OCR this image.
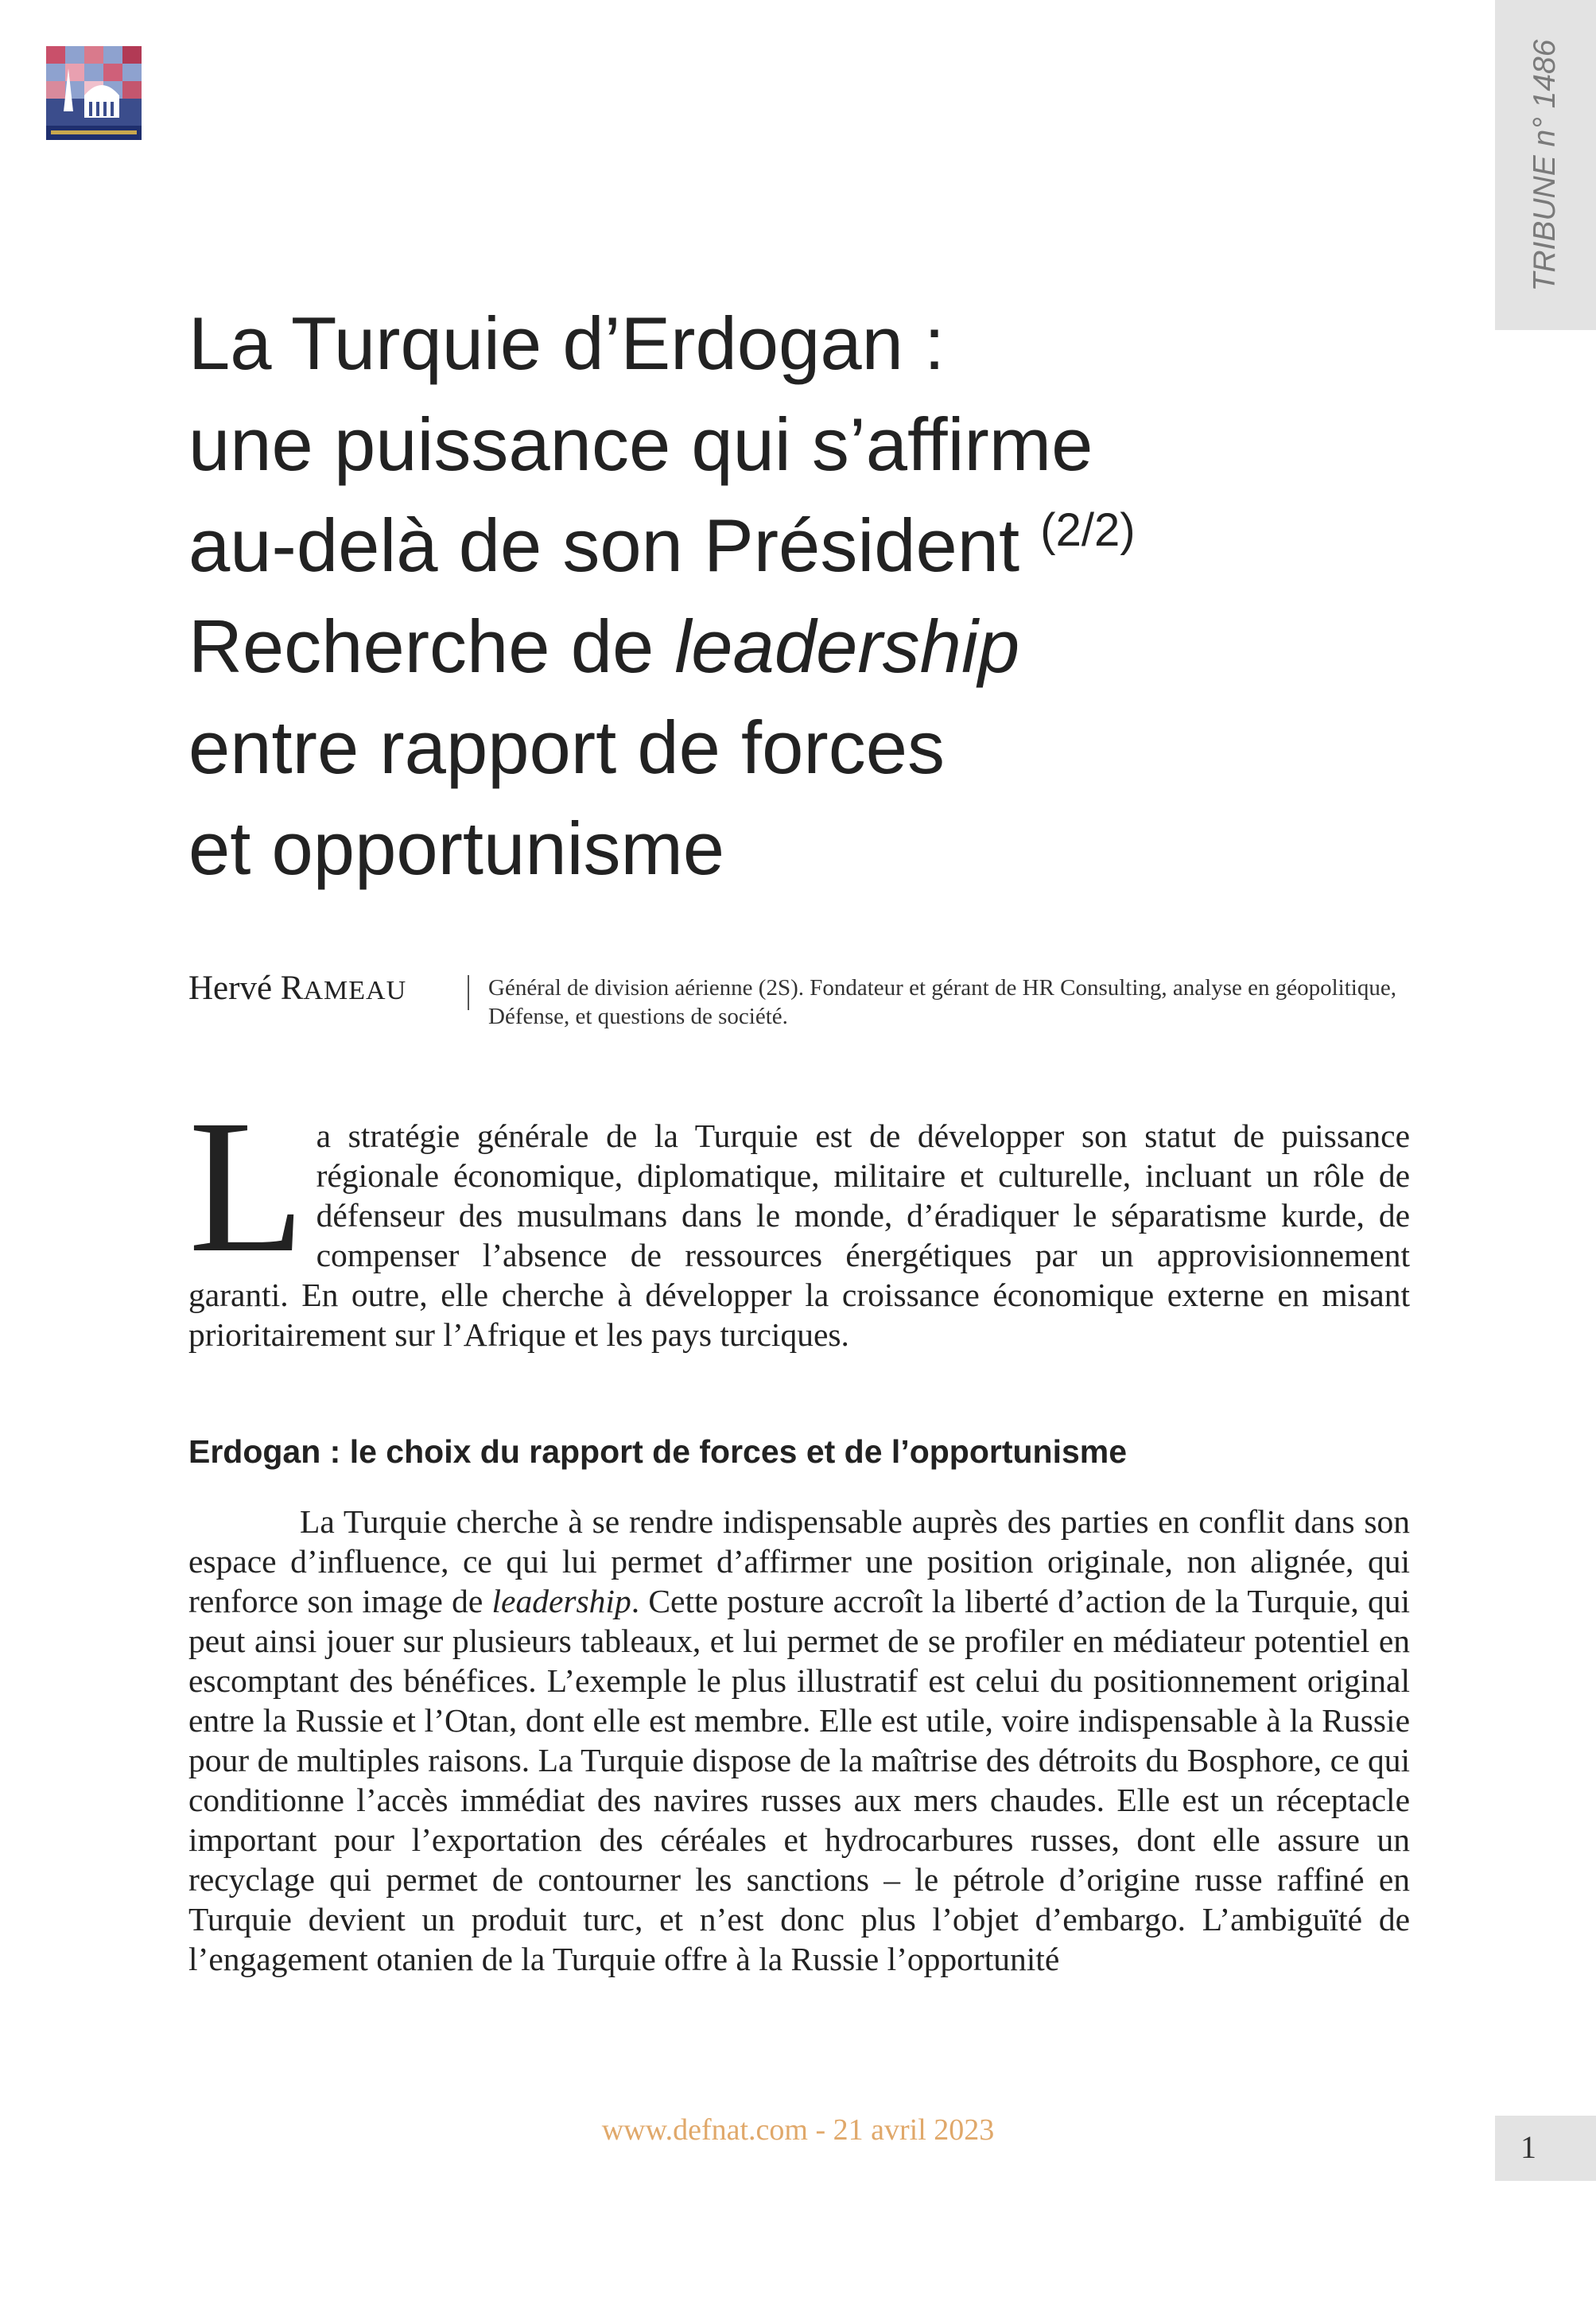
TRIBUNE n° 1486
La Turquie d’Erdogan :
une puissance qui s’affirme
au-delà de son Président $^{(2/2)}$
Recherche de leadership
entre rapport de forces
et opportunisme
Hervé RAMEAU	Général de division aérienne (2S). Fondateur et gérant de HR Consulting, analyse en géopolitique, Défense, et questions de société.

La stratégie générale de la Turquie est de développer son statut de puissance régionale économique, diplomatique, militaire et culturelle, incluant un rôle de défenseur des musulmans dans le monde, d’éradiquer le séparatisme kurde, de compenser l’absence de ressources énergétiques par un approvisionnement garanti. En outre, elle cherche à développer la croissance économique externe en misant prioritairement sur l’Afrique et les pays turciques.

Erdogan : le choix du rapport de forces et de l’opportunisme

La Turquie cherche à se rendre indispensable auprès des parties en conflit dans son espace d’influence, ce qui lui permet d’affirmer une position originale, non alignée, qui renforce son image de leadership. Cette posture accroît la liberté d’action de la Turquie, qui peut ainsi jouer sur plusieurs tableaux, et lui permet de se profiler en médiateur potentiel en escomptant des bénéfices. L’exemple le plus illustratif est celui du positionnement original entre la Russie et l’Otan, dont elle est membre. Elle est utile, voire indispensable à la Russie pour de multiples raisons. La Turquie dispose de la maîtrise des détroits du Bosphore, ce qui conditionne l’accès immédiat des navires russes aux mers chaudes. Elle est un réceptacle important pour l’exportation des céréales et hydrocarbures russes, dont elle assure un recyclage qui permet de contourner les sanctions – le pétrole d’origine russe raffiné en Turquie devient un produit turc, et n’est donc plus l’objet d’embargo. L’ambiguïté de l’engagement otanien de la Turquie offre à la Russie l’opportunité

www.defnat.com - 21 avril 2023	1
